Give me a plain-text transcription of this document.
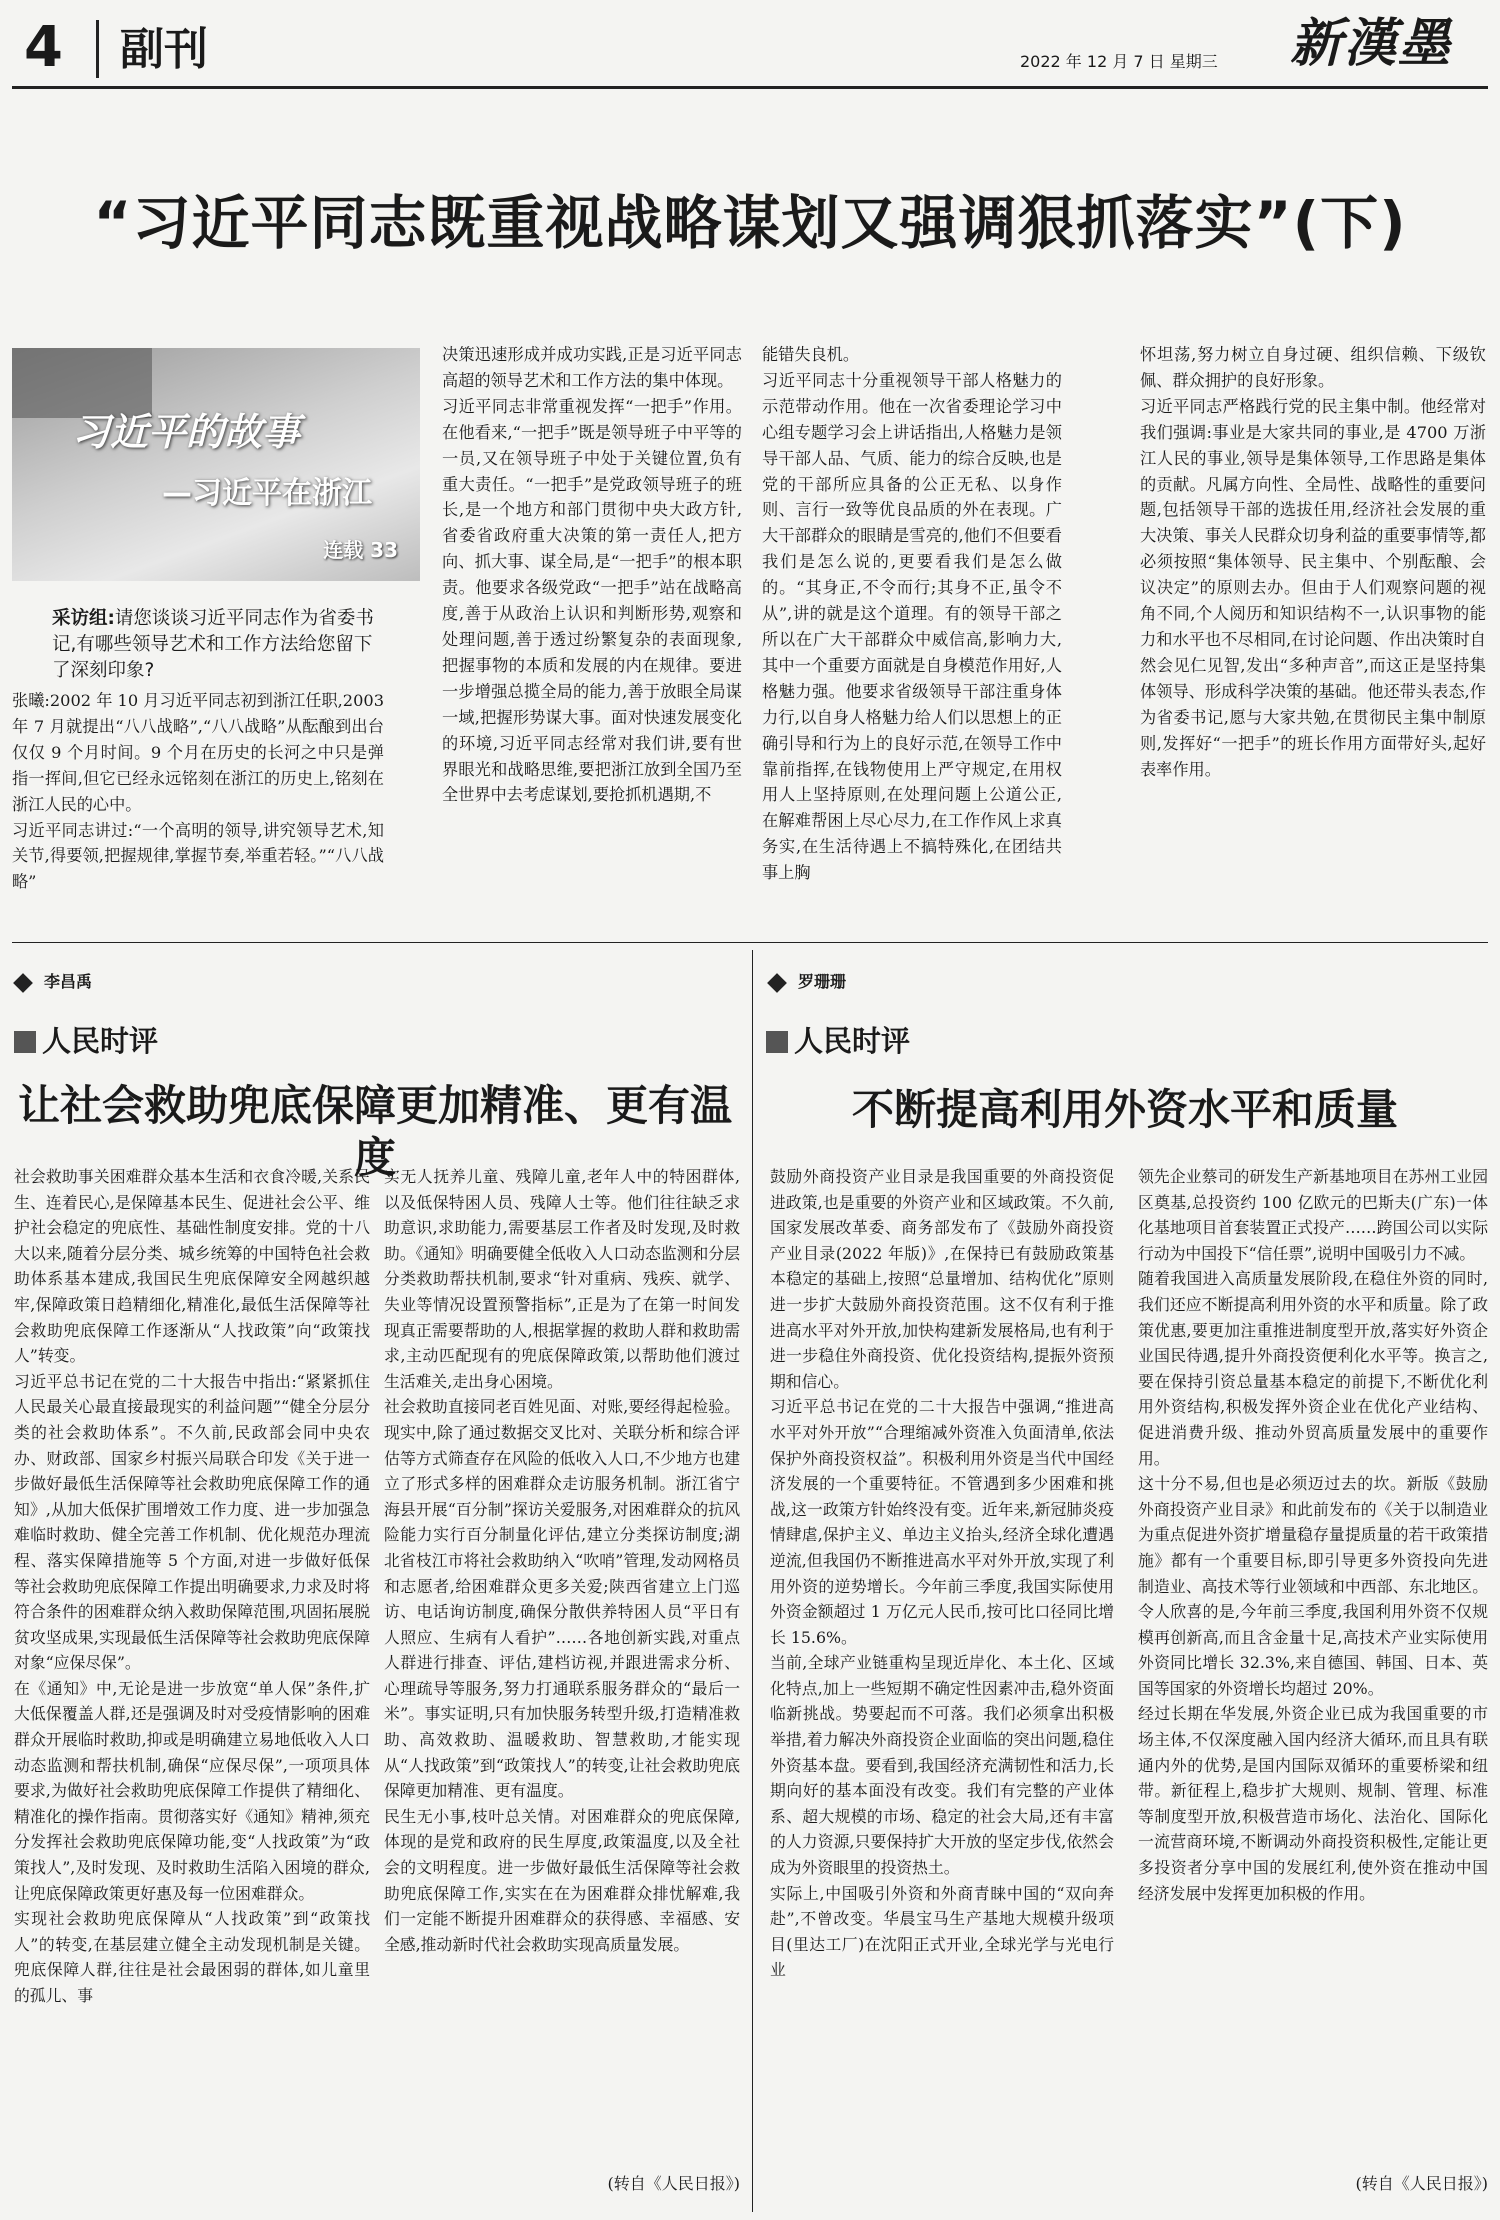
4 副刊	2022 年 12 月 7 日 星期三 新漢墨
“习近平同志既重视战略谋划又强调狠抓落实”(下)
习近平的故事
—习近平在浙江
连载 33
采访组:请您谈谈习近平同志作为省委书记,有哪些领导艺术和工作方法给您留下了深刻印象?
张曦:2002 年 10 月习近平同志初到浙江任职,2003 年 7 月就提出“八八战略”,“八八战略”从酝酿到出台仅仅 9 个月时间。9 个月在历史的长河之中只是弹指一挥间,但它已经永远铭刻在浙江的历史上,铭刻在浙江人民的心中。
习近平同志讲过:“一个高明的领导,讲究领导艺术,知关节,得要领,把握规律,掌握节奏,举重若轻。”“八八战略”
决策迅速形成并成功实践,正是习近平同志高超的领导艺术和工作方法的集中体现。
习近平同志非常重视发挥“一把手”作用。在他看来,“一把手”既是领导班子中平等的一员,又在领导班子中处于关键位置,负有重大责任。“一把手”是党政领导班子的班长,是一个地方和部门贯彻中央大政方针,省委省政府重大决策的第一责任人,把方向、抓大事、谋全局,是“一把手”的根本职责。他要求各级党政“一把手”站在战略高度,善于从政治上认识和判断形势,观察和处理问题,善于透过纷繁复杂的表面现象,把握事物的本质和发展的内在规律。要进一步增强总揽全局的能力,善于放眼全局谋一域,把握形势谋大事。面对快速发展变化的环境,习近平同志经常对我们讲,要有世界眼光和战略思维,要把浙江放到全国乃至全世界中去考虑谋划,要抢抓机遇期,不
能错失良机。
习近平同志十分重视领导干部人格魅力的示范带动作用。他在一次省委理论学习中心组专题学习会上讲话指出,人格魅力是领导干部人品、气质、能力的综合反映,也是党的干部所应具备的公正无私、以身作则、言行一致等优良品质的外在表现。广大干部群众的眼睛是雪亮的,他们不但要看我们是怎么说的,更要看我们是怎么做的。“其身正,不令而行;其身不正,虽令不从”,讲的就是这个道理。有的领导干部之所以在广大干部群众中威信高,影响力大,其中一个重要方面就是自身模范作用好,人格魅力强。他要求省级领导干部注重身体力行,以自身人格魅力给人们以思想上的正确引导和行为上的良好示范,在领导工作中靠前指挥,在钱物使用上严守规定,在用权用人上坚持原则,在处理问题上公道公正,在解难帮困上尽心尽力,在工作作风上求真务实,在生活待遇上不搞特殊化,在团结共事上胸
怀坦荡,努力树立自身过硬、组织信赖、下级钦佩、群众拥护的良好形象。
习近平同志严格践行党的民主集中制。他经常对我们强调:事业是大家共同的事业,是 4700 万浙江人民的事业,领导是集体领导,工作思路是集体的贡献。凡属方向性、全局性、战略性的重要问题,包括领导干部的选拔任用,经济社会发展的重大决策、事关人民群众切身利益的重要事情等,都必须按照“集体领导、民主集中、个别酝酿、会议决定”的原则去办。但由于人们观察问题的视角不同,个人阅历和知识结构不一,认识事物的能力和水平也不尽相同,在讨论问题、作出决策时自然会见仁见智,发出“多种声音”,而这正是坚持集体领导、形成科学决策的基础。他还带头表态,作为省委书记,愿与大家共勉,在贯彻民主集中制原则,发挥好“一把手”的班长作用方面带好头,起好表率作用。
李昌禹
人民时评
让社会救助兜底保障更加精准、更有温度
社会救助事关困难群众基本生活和衣食冷暖,关系民生、连着民心,是保障基本民生、促进社会公平、维护社会稳定的兜底性、基础性制度安排。党的十八大以来,随着分层分类、城乡统筹的中国特色社会救助体系基本建成,我国民生兜底保障安全网越织越牢,保障政策日趋精细化,精准化,最低生活保障等社会救助兜底保障工作逐渐从“人找政策”向“政策找人”转变。
习近平总书记在党的二十大报告中指出:“紧紧抓住人民最关心最直接最现实的利益问题”“健全分层分类的社会救助体系”。不久前,民政部会同中央农办、财政部、国家乡村振兴局联合印发《关于进一步做好最低生活保障等社会救助兜底保障工作的通知》,从加大低保扩围增效工作力度、进一步加强急难临时救助、健全完善工作机制、优化规范办理流程、落实保障措施等 5 个方面,对进一步做好低保等社会救助兜底保障工作提出明确要求,力求及时将符合条件的困难群众纳入救助保障范围,巩固拓展脱贫攻坚成果,实现最低生活保障等社会救助兜底保障对象“应保尽保”。
在《通知》中,无论是进一步放宽“单人保”条件,扩大低保覆盖人群,还是强调及时对受疫情影响的困难群众开展临时救助,抑或是明确建立易地低收入人口动态监测和帮扶机制,确保“应保尽保”,一项项具体要求,为做好社会救助兜底保障工作提供了精细化、精准化的操作指南。贯彻落实好《通知》精神,须充分发挥社会救助兜底保障功能,变“人找政策”为“政策找人”,及时发现、及时救助生活陷入困境的群众,让兜底保障政策更好惠及每一位困难群众。
实现社会救助兜底保障从“人找政策”到“政策找人”的转变,在基层建立健全主动发现机制是关键。兜底保障人群,往往是社会最困弱的群体,如儿童里的孤儿、事
实无人抚养儿童、残障儿童,老年人中的特困群体,以及低保特困人员、残障人士等。他们往往缺乏求助意识,求助能力,需要基层工作者及时发现,及时救助。《通知》明确要健全低收入人口动态监测和分层分类救助帮扶机制,要求“针对重病、残疾、就学、失业等情况设置预警指标”,正是为了在第一时间发现真正需要帮助的人,根据掌握的救助人群和救助需求,主动匹配现有的兜底保障政策,以帮助他们渡过生活难关,走出身心困境。
社会救助直接同老百姓见面、对账,要经得起检验。现实中,除了通过数据交叉比对、关联分析和综合评估等方式筛查存在风险的低收入人口,不少地方也建立了形式多样的困难群众走访服务机制。浙江省宁海县开展“百分制”探访关爱服务,对困难群众的抗风险能力实行百分制量化评估,建立分类探访制度;湖北省枝江市将社会救助纳入“吹哨”管理,发动网格员和志愿者,给困难群众更多关爱;陕西省建立上门巡访、电话询访制度,确保分散供养特困人员“平日有人照应、生病有人看护”……各地创新实践,对重点人群进行排查、评估,建档访视,并跟进需求分析、心理疏导等服务,努力打通联系服务群众的“最后一米”。事实证明,只有加快服务转型升级,打造精准救助、高效救助、温暖救助、智慧救助,才能实现从“人找政策”到“政策找人”的转变,让社会救助兜底保障更加精准、更有温度。
民生无小事,枝叶总关情。对困难群众的兜底保障,体现的是党和政府的民生厚度,政策温度,以及全社会的文明程度。进一步做好最低生活保障等社会救助兜底保障工作,实实在在为困难群众排忧解难,我们一定能不断提升困难群众的获得感、幸福感、安全感,推动新时代社会救助实现高质量发展。
(转自《人民日报》)
罗珊珊
人民时评
不断提高利用外资水平和质量
鼓励外商投资产业目录是我国重要的外商投资促进政策,也是重要的外资产业和区域政策。不久前,国家发展改革委、商务部发布了《鼓励外商投资产业目录(2022 年版)》,在保持已有鼓励政策基本稳定的基础上,按照“总量增加、结构优化”原则进一步扩大鼓励外商投资范围。这不仅有利于推进高水平对外开放,加快构建新发展格局,也有利于进一步稳住外商投资、优化投资结构,提振外资预期和信心。
习近平总书记在党的二十大报告中强调,“推进高水平对外开放”“合理缩减外资准入负面清单,依法保护外商投资权益”。积极利用外资是当代中国经济发展的一个重要特征。不管遇到多少困难和挑战,这一政策方针始终没有变。近年来,新冠肺炎疫情肆虐,保护主义、单边主义抬头,经济全球化遭遇逆流,但我国仍不断推进高水平对外开放,实现了利用外资的逆势增长。今年前三季度,我国实际使用外资金额超过 1 万亿元人民币,按可比口径同比增长 15.6%。
当前,全球产业链重构呈现近岸化、本土化、区域化特点,加上一些短期不确定性因素冲击,稳外资面临新挑战。势要起而不可落。我们必须拿出积极举措,着力解决外商投资企业面临的突出问题,稳住外资基本盘。要看到,我国经济充满韧性和活力,长期向好的基本面没有改变。我们有完整的产业体系、超大规模的市场、稳定的社会大局,还有丰富的人力资源,只要保持扩大开放的坚定步伐,依然会成为外资眼里的投资热土。
实际上,中国吸引外资和外商青睐中国的“双向奔赴”,不曾改变。华晨宝马生产基地大规模升级项目(里达工厂)在沈阳正式开业,全球光学与光电行业
领先企业蔡司的研发生产新基地项目在苏州工业园区奠基,总投资约 100 亿欧元的巴斯夫(广东)一体化基地项目首套装置正式投产……跨国公司以实际行动为中国投下“信任票”,说明中国吸引力不减。
随着我国进入高质量发展阶段,在稳住外资的同时,我们还应不断提高利用外资的水平和质量。除了政策优惠,要更加注重推进制度型开放,落实好外资企业国民待遇,提升外商投资便利化水平等。换言之,要在保持引资总量基本稳定的前提下,不断优化利用外资结构,积极发挥外资企业在优化产业结构、促进消费升级、推动外贸高质量发展中的重要作用。
这十分不易,但也是必须迈过去的坎。新版《鼓励外商投资产业目录》和此前发布的《关于以制造业为重点促进外资扩增量稳存量提质量的若干政策措施》都有一个重要目标,即引导更多外资投向先进制造业、高技术等行业领域和中西部、东北地区。令人欣喜的是,今年前三季度,我国利用外资不仅规模再创新高,而且含金量十足,高技术产业实际使用外资同比增长 32.3%,来自德国、韩国、日本、英国等国家的外资增长均超过 20%。
经过长期在华发展,外资企业已成为我国重要的市场主体,不仅深度融入国内经济大循环,而且具有联通内外的优势,是国内国际双循环的重要桥梁和纽带。新征程上,稳步扩大规则、规制、管理、标准等制度型开放,积极营造市场化、法治化、国际化一流营商环境,不断调动外商投资积极性,定能让更多投资者分享中国的发展红利,使外资在推动中国经济发展中发挥更加积极的作用。
(转自《人民日报》)
